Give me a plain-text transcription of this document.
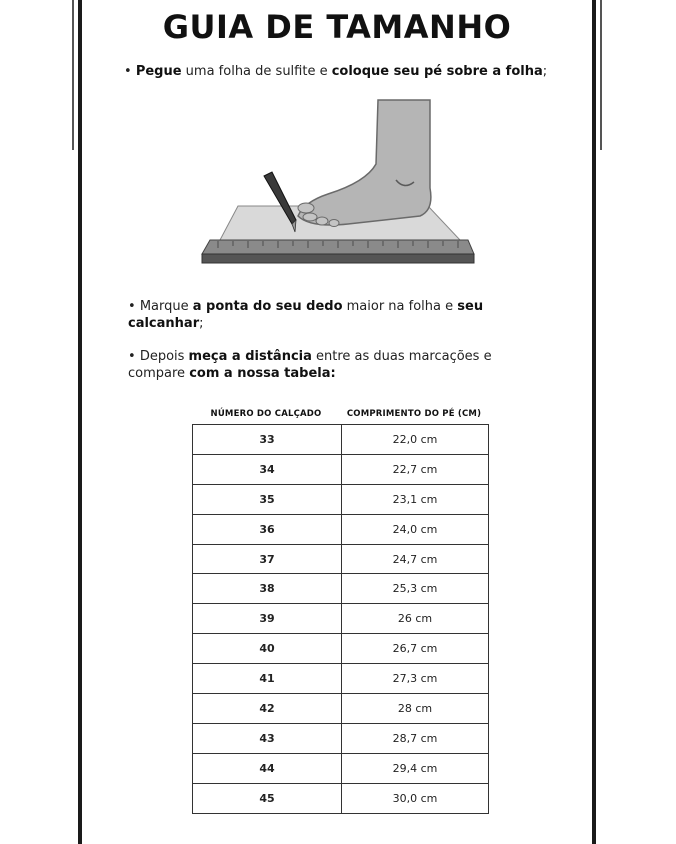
GUIA DE TAMANHO
• Pegue uma folha de sulfite e coloque seu pé sobre a folha;
• Marque a ponta do seu dedo maior na folha e seu calcanhar;
• Depois meça a distância entre as duas marcações e compare com a nossa tabela:
NÚMERO DO CALÇADO	COMPRIMENTO DO PÉ (CM)
33	22,0 cm
34	22,7 cm
35	23,1 cm
36	24,0 cm
37	24,7 cm
38	25,3 cm
39	26 cm
40	26,7 cm
41	27,3 cm
42	28 cm
43	28,7 cm
44	29,4 cm
45	30,0 cm
